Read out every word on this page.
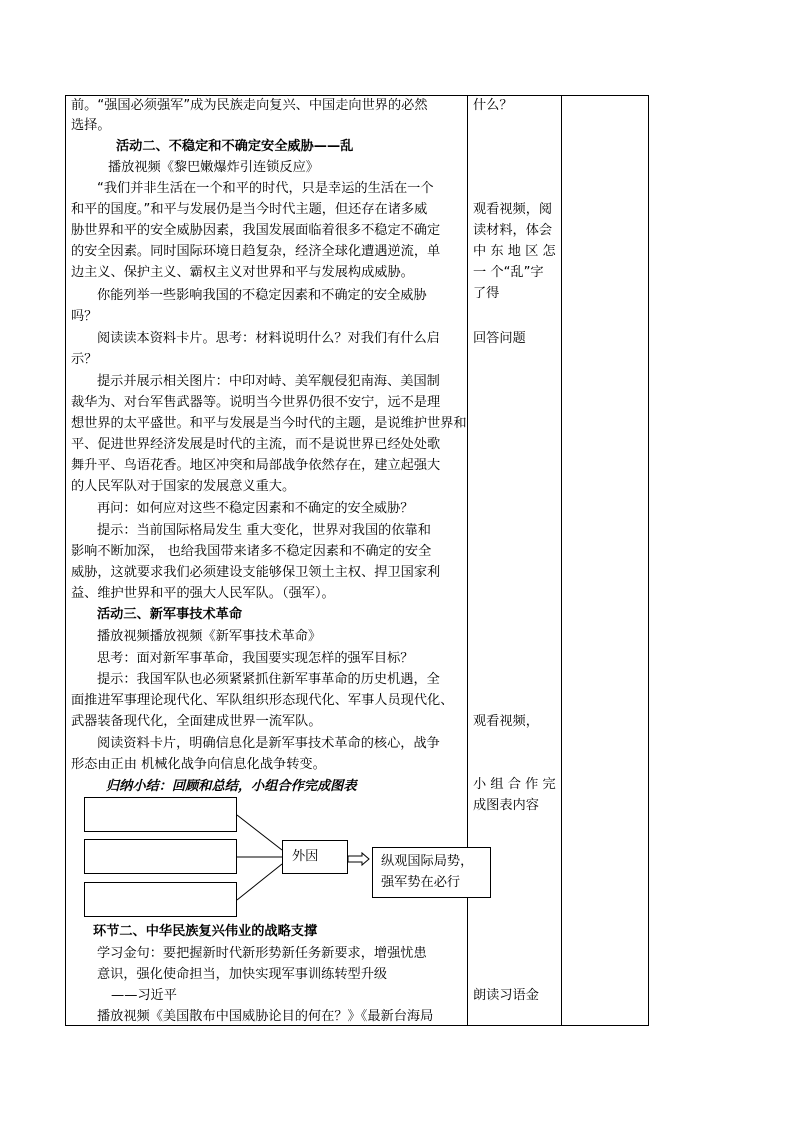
前。“强国必须强军”成为民族走向复兴、中国走向世界的必然
选择。
活动二、不稳定和不确定安全威胁——乱
播放视频《黎巴嫩爆炸引连锁反应》
“我们并非生活在一个和平的时代，只是幸运的生活在一个
和平的国度。”和平与发展仍是当今时代主题，但还存在诸多威
胁世界和平的安全威胁因素，我国发展面临着很多不稳定不确定
的安全因素。同时国际环境日趋复杂，经济全球化遭遇逆流，单
边主义、保护主义、霸权主义对世界和平与发展构成威胁。
你能列举一些影响我国的不稳定因素和不确定的安全威胁
吗？
阅读读本资料卡片。思考：材料说明什么？对我们有什么启
示？
提示并展示相关图片：中印对峙、美军舰侵犯南海、美国制
裁华为、对台军售武器等。说明当今世界仍很不安宁，远不是理
想世界的太平盛世。和平与发展是当今时代的主题，是说维护世界和
平、促进世界经济发展是时代的主流，而不是说世界已经处处歌
舞升平、鸟语花香。地区冲突和局部战争依然存在，建立起强大
的人民军队对于国家的发展意义重大。
再问：如何应对这些不稳定因素和不确定的安全威胁？
提示：当前国际格局发生 重大变化，世界对我国的依靠和
影响不断加深， 也给我国带来诸多不稳定因素和不确定的安全
威胁，这就要求我们必须建设支能够保卫领土主权、捍卫国家利
益、维护世界和平的强大人民军队。（强军）。
活动三、新军事技术革命
播放视频播放视频《新军事技术革命》
思考：面对新军事革命，我国要实现怎样的强军目标？
提示：我国军队也必须紧紧抓住新军事革命的历史机遇，全
面推进军事理论现代化、军队组织形态现代化、军事人员现代化、
武器装备现代化，全面建成世界一流军队。
阅读资料卡片，明确信息化是新军事技术革命的核心，战争
形态由正由 机械化战争向信息化战争转变。
归纳小结：回顾和总结，小组合作完成图表
环节二、中华民族复兴伟业的战略支撑
学习金句：要把握新时代新形势新任务新要求，增强忧患
意识，强化使命担当，加快实现军事训练转型升级
——习近平
播放视频《美国散布中国威胁论目的何在？》《最新台海局
外因	纵观国际局势，
强军势在必行
什么？
观看视频，阅
读材料，体会
中 东 地 区 怎
一 个“乱”字
了得
回答问题
观看视频，
小 组 合 作 完
成图表内容
朗读习语金
